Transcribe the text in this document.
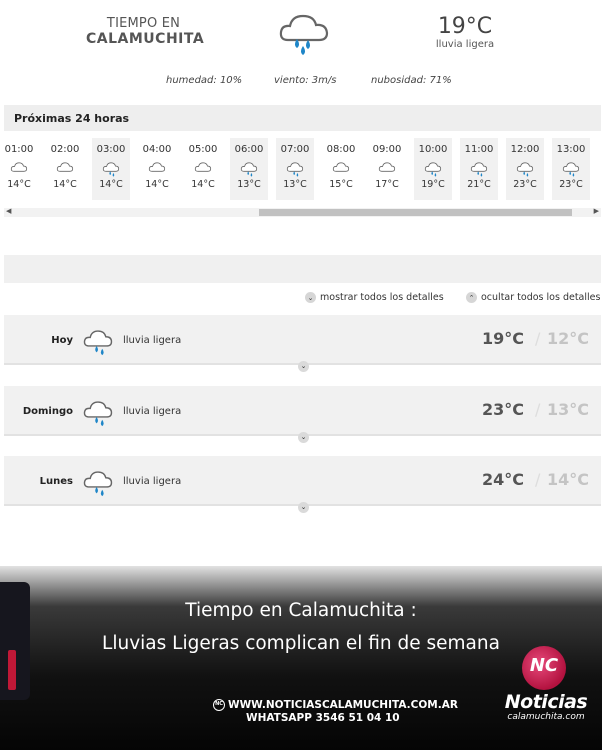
TIEMPO EN
CALAMUCHITA	19°C
lluvia ligera
humedad: 10%	viento: 3m/s	nubosidad: 71%
Próximas 24 horas
01:00
14°C
02:00
14°C
03:00
14°C
04:00
14°C
05:00
14°C
06:00
13°C
07:00
13°C
08:00
15°C
09:00
17°C
10:00
19°C
11:00
21°C
12:00
23°C
13:00
23°C
◀	▶
⌄ mostrar todos los detalles	⌃ ocultar todos los detalles
Hoy	lluvia ligera	19°C / 12°C
⌄
Domingo	lluvia ligera	23°C / 13°C
⌄
Lunes	lluvia ligera	24°C / 14°C
⌄
Tiempo en Calamuchita :
Lluvias Ligeras complican el fin de semana
NC WWW.NOTICIASCALAMUCHITA.COM.AR
WHATSAPP 3546 51 04 10
NC
Noticias
calamuchita.com
